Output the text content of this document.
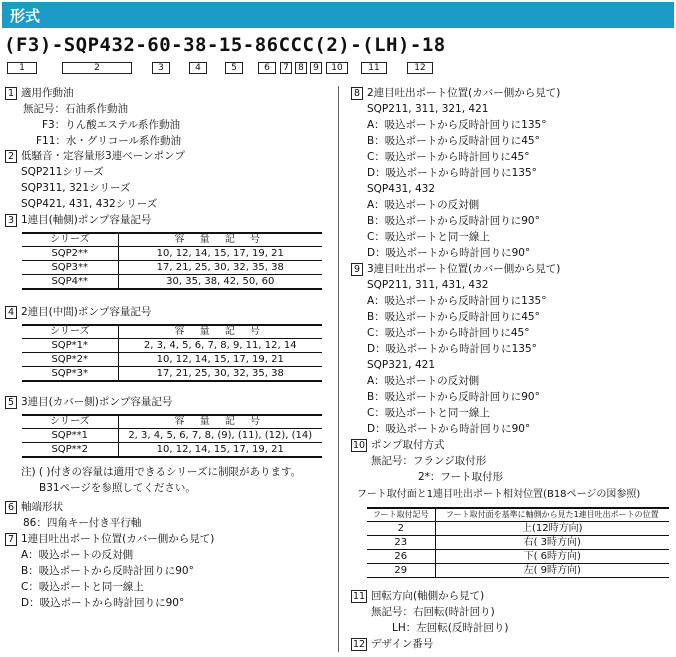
形式
(F3)-SQP432-60-38-15-86CCC(2)-(LH)-18
1	2	3	4	5	6	7	8	9	10	11	12
1 適用作動油
無記号：石油系作動油
F3：りん酸エステル系作動油
F11：水・グリコール系作動油
2 低騒音・定容量形3連ベーンポンプ
SQP211シリーズ
SQP311, 321シリーズ
SQP421, 431, 432シリーズ
3 1連目(軸側)ポンプ容量記号
シリーズ	容 量 記 号
SQP2**	10, 12, 14, 15, 17, 19, 21
SQP3**	17, 21, 25, 30, 32, 35, 38
SQP4**	30, 35, 38, 42, 50, 60
4 2連目(中間)ポンプ容量記号
シリーズ	容 量 記 号
SQP*1*	2, 3, 4, 5, 6, 7, 8, 9, 11, 12, 14
SQP*2*	10, 12, 14, 15, 17, 19, 21
SQP*3*	17, 21, 25, 30, 32, 35, 38
5 3連目(カバー側)ポンプ容量記号
シリーズ	容 量 記 号
SQP**1	2, 3, 4, 5, 6, 7, 8, (9), (11), (12), (14)
SQP**2	10, 12, 14, 15, 17, 19, 21
注) ( )付きの容量は適用できるシリーズに制限があります。
B31ページを参照してください。
6 軸端形状
86：四角キー付き平行軸
7 1連目吐出ポート位置(カバー側から見て)
A：吸込ポートの反対側
B：吸込ポートから反時計回りに90°
C：吸込ポートと同一線上
D：吸込ポートから時計回りに90°
8 2連目吐出ポート位置(カバー側から見て)
SQP211, 311, 321, 421
A：吸込ポートから反時計回りに135°
B：吸込ポートから反時計回りに45°
C：吸込ポートから時計回りに45°
D：吸込ポートから時計回りに135°
SQP431, 432
A：吸込ポートの反対側
B：吸込ポートから反時計回りに90°
C：吸込ポートと同一線上
D：吸込ポートから時計回りに90°
9 3連目吐出ポート位置(カバー側から見て)
SQP211, 311, 431, 432
A：吸込ポートから反時計回りに135°
B：吸込ポートから反時計回りに45°
C：吸込ポートから時計回りに45°
D：吸込ポートから時計回りに135°
SQP321, 421
A：吸込ポートの反対側
B：吸込ポートから反時計回りに90°
C：吸込ポートと同一線上
D：吸込ポートから時計回りに90°
10 ポンプ取付方式
無記号：フランジ取付形
2*：フート取付形
フート取付面と1連目吐出ポート相対位置(B18ページの図参照)
フート取付記号	フート取付面を基準に軸側から見た1連目吐出ポートの位置
2	上(12時方向)
23	右( 3時方向)
26	下( 6時方向)
29	左( 9時方向)
11 回転方向(軸側から見て)
無記号：右回転(時計回り)
LH：左回転(反時計回り)
12 デザイン番号
